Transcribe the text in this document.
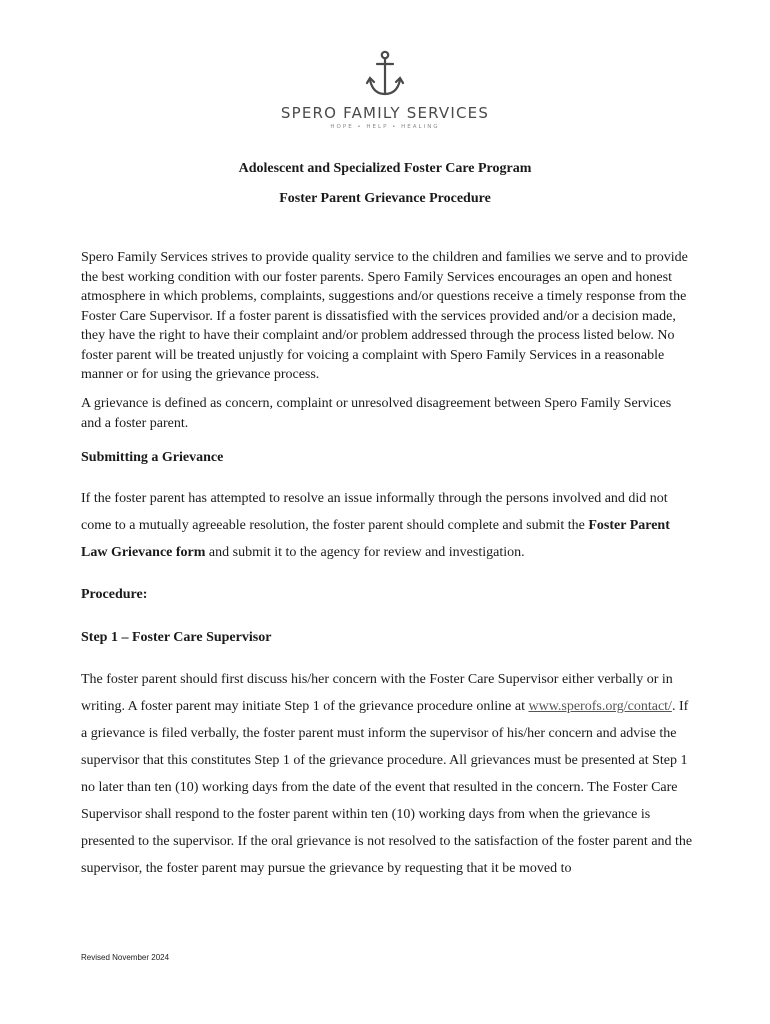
SPERO FAMILY SERVICES
HOPE • HELP • HEALING
Adolescent and Specialized Foster Care Program
Foster Parent Grievance Procedure

Spero Family Services strives to provide quality service to the children and families we serve and to provide the best working condition with our foster parents. Spero Family Services encourages an open and honest atmosphere in which problems, complaints, suggestions and/or questions receive a timely response from the Foster Care Supervisor. If a foster parent is dissatisfied with the services provided and/or a decision made, they have the right to have their complaint and/or problem addressed through the process listed below. No foster parent will be treated unjustly for voicing a complaint with Spero Family Services in a reasonable manner or for using the grievance process.

A grievance is defined as concern, complaint or unresolved disagreement between Spero Family Services and a foster parent.

Submitting a Grievance

If the foster parent has attempted to resolve an issue informally through the persons involved and did not come to a mutually agreeable resolution, the foster parent should complete and submit the Foster Parent Law Grievance form and submit it to the agency for review and investigation.

Procedure:

Step 1 – Foster Care Supervisor

The foster parent should first discuss his/her concern with the Foster Care Supervisor either verbally or in writing. A foster parent may initiate Step 1 of the grievance procedure online at www.sperofs.org/contact/. If a grievance is filed verbally, the foster parent must inform the supervisor of his/her concern and advise the supervisor that this constitutes Step 1 of the grievance procedure. All grievances must be presented at Step 1 no later than ten (10) working days from the date of the event that resulted in the concern. The Foster Care Supervisor shall respond to the foster parent within ten (10) working days from when the grievance is presented to the supervisor. If the oral grievance is not resolved to the satisfaction of the foster parent and the supervisor, the foster parent may pursue the grievance by requesting that it be moved to

Revised November 2024
